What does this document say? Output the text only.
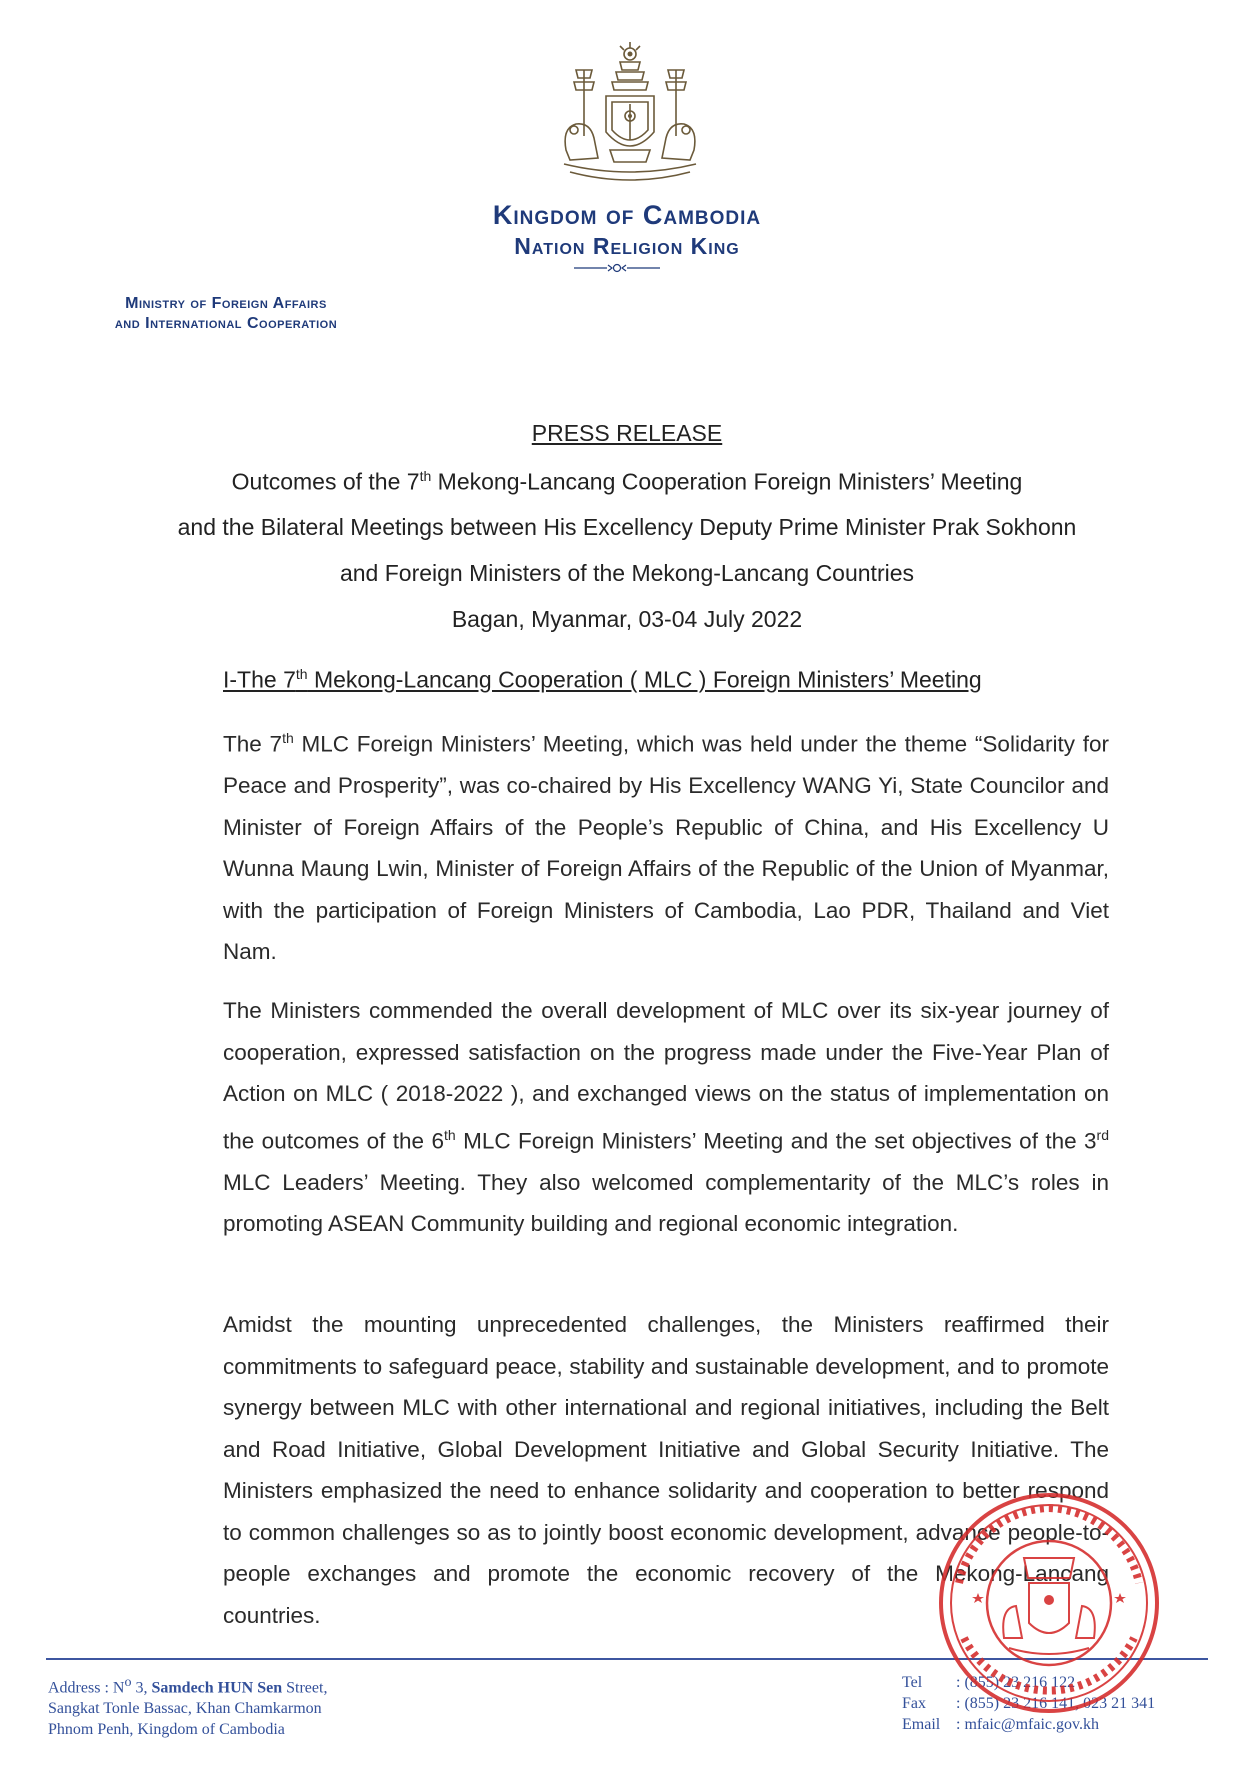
Kingdom of Cambodia
Nation Religion King
Ministry of Foreign Affairs
and International Cooperation
PRESS RELEASE
Outcomes of the 7th Mekong-Lancang Cooperation Foreign Ministers’ Meeting
and the Bilateral Meetings between His Excellency Deputy Prime Minister Prak Sokhonn
and Foreign Ministers of the Mekong-Lancang Countries
Bagan, Myanmar, 03-04 July 2022
I-The 7th Mekong-Lancang Cooperation ( MLC ) Foreign Ministers’ Meeting
The 7th MLC Foreign Ministers’ Meeting, which was held under the theme “Solidarity for Peace and Prosperity”, was co-chaired by His Excellency WANG Yi, State Councilor and Minister of Foreign Affairs of the People’s Republic of China, and His Excellency U Wunna Maung Lwin, Minister of Foreign Affairs of the Republic of the Union of Myanmar, with the participation of Foreign Ministers of Cambodia, Lao PDR, Thailand and Viet Nam.
The Ministers commended the overall development of MLC over its six-year journey of cooperation, expressed satisfaction on the progress made under the Five-Year Plan of Action on MLC ( 2018-2022 ), and exchanged views on the status of implementation on the outcomes of the 6th MLC Foreign Ministers’ Meeting and the set objectives of the 3rd MLC Leaders’ Meeting. They also welcomed complementarity of the MLC’s roles in promoting ASEAN Community building and regional economic integration.
Amidst the mounting unprecedented challenges, the Ministers reaffirmed their commitments to safeguard peace, stability and sustainable development, and to promote synergy between MLC with other international and regional initiatives, including the Belt and Road Initiative, Global Development Initiative and Global Security Initiative. The Ministers emphasized the need to enhance solidarity and cooperation to better respond to common challenges so as to jointly boost economic development, advance people-to-people exchanges and promote the economic recovery of the Mekong-Lancang countries.
Address : $N^o$ 3, Samdech HUN Sen Street,
Sangkat Tonle Bassac, Khan Chamkarmon
Phnom Penh, Kingdom of Cambodia
Tel : (855) 23 216 122
Fax : (855) 23 216 141, 023 21 341
Email : mfaic@mfaic.gov.kh
